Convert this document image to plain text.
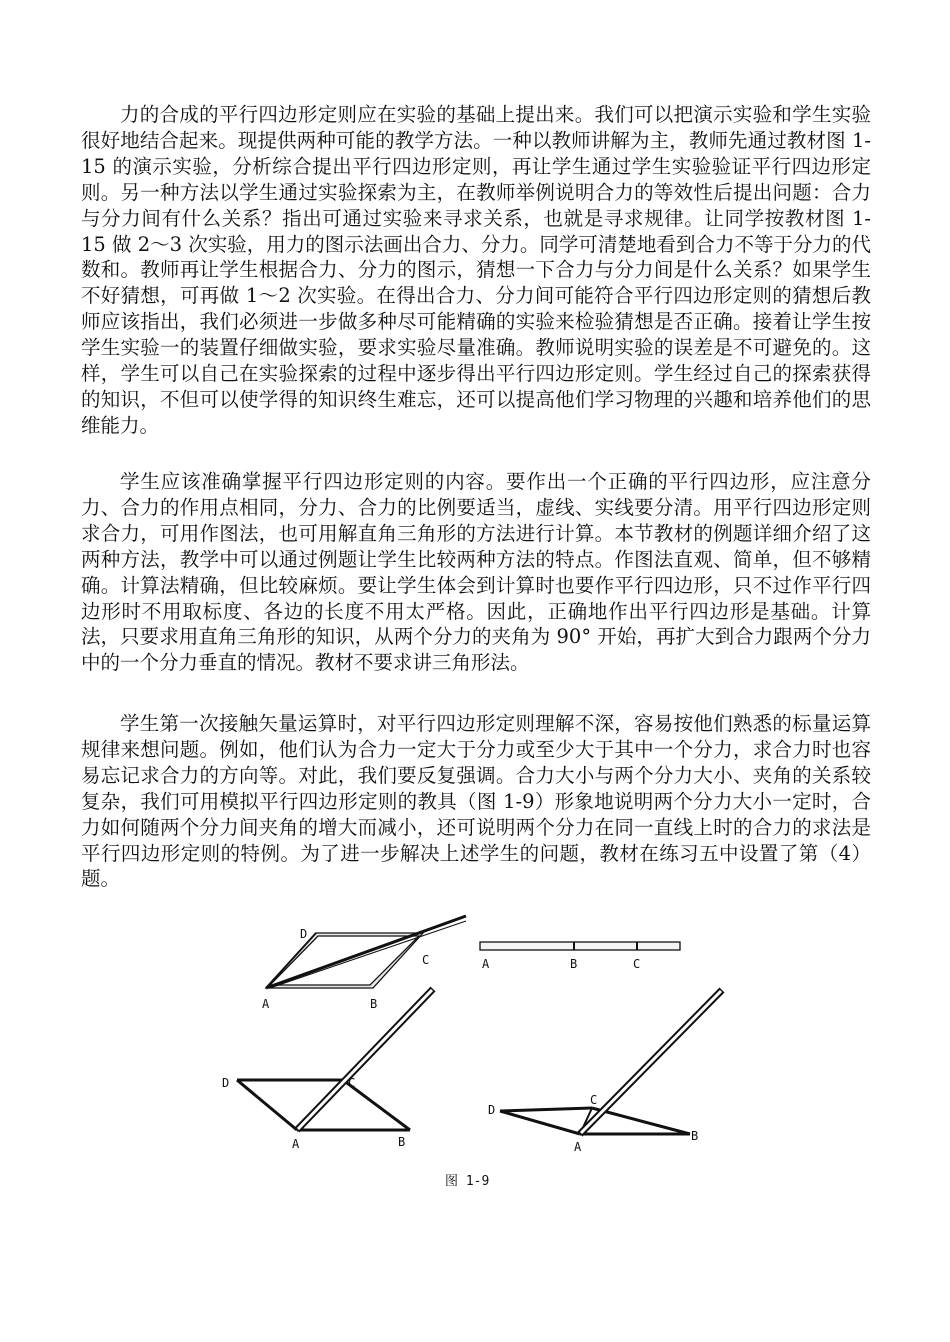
力的合成的平行四边形定则应在实验的基础上提出来。我们可以把演示实验和学生实验很好地结合起来。现提供两种可能的教学方法。一种以教师讲解为主，教师先通过教材图 1-15 的演示实验，分析综合提出平行四边形定则，再让学生通过学生实验验证平行四边形定则。另一种方法以学生通过实验探索为主，在教师举例说明合力的等效性后提出问题：合力与分力间有什么关系？指出可通过实验来寻求关系，也就是寻求规律。让同学按教材图 1-15 做 2～3 次实验，用力的图示法画出合力、分力。同学可清楚地看到合力不等于分力的代数和。教师再让学生根据合力、分力的图示，猜想一下合力与分力间是什么关系？如果学生不好猜想，可再做 1～2 次实验。在得出合力、分力间可能符合平行四边形定则的猜想后教师应该指出，我们必须进一步做多种尽可能精确的实验来检验猜想是否正确。接着让学生按学生实验一的装置仔细做实验，要求实验尽量准确。教师说明实验的误差是不可避免的。这样，学生可以自己在实验探索的过程中逐步得出平行四边形定则。学生经过自己的探索获得的知识，不但可以使学得的知识终生难忘，还可以提高他们学习物理的兴趣和培养他们的思维能力。

学生应该准确掌握平行四边形定则的内容。要作出一个正确的平行四边形，应注意分力、合力的作用点相同，分力、合力的比例要适当，虚线、实线要分清。用平行四边形定则求合力，可用作图法，也可用解直角三角形的方法进行计算。本节教材的例题详细介绍了这两种方法，教学中可以通过例题让学生比较两种方法的特点。作图法直观、简单，但不够精确。计算法精确，但比较麻烦。要让学生体会到计算时也要作平行四边形，只不过作平行四边形时不用取标度、各边的长度不用太严格。因此，正确地作出平行四边形是基础。计算法，只要求用直角三角形的知识，从两个分力的夹角为 90° 开始，再扩大到合力跟两个分力中的一个分力垂直的情况。教材不要求讲三角形法。

学生第一次接触矢量运算时，对平行四边形定则理解不深，容易按他们熟悉的标量运算规律来想问题。例如，他们认为合力一定大于分力或至少大于其中一个分力，求合力时也容易忘记求合力的方向等。对此，我们要反复强调。合力大小与两个分力大小、夹角的关系较复杂，我们可用模拟平行四边形定则的教具（图 1-9）形象地说明两个分力大小一定时，合力如何随两个分力间夹角的增大而减小，还可说明两个分力在同一直线上时的合力的求法是平行四边形定则的特例。为了进一步解决上述学生的问题，教材在练习五中设置了第（4）题。

D
C
A	B
A	B	C
D	C
A	B
D
C
A
B
图 1-9
